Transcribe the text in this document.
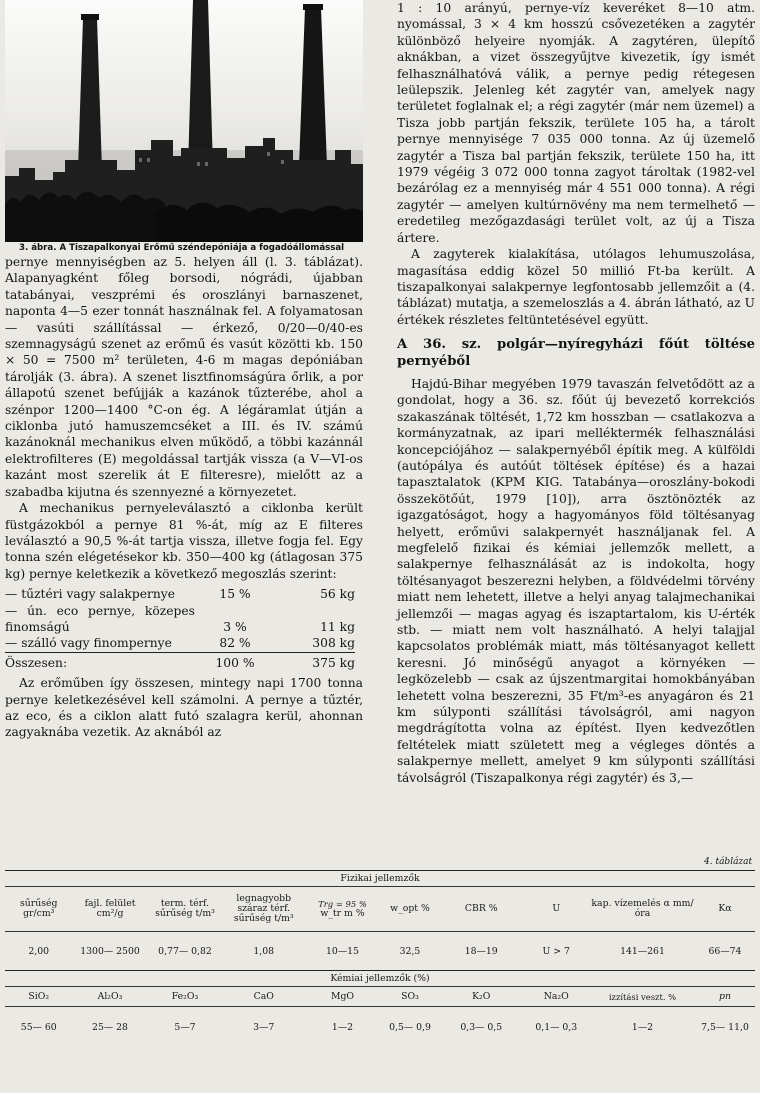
3. ábra. A Tiszapalkonyai Erőmű széndepóniája a fogadóállomással

pernye mennyiségben az 5. helyen áll (l. 3. táblázat). Alapanyagként főleg borsodi, nógrádi, újabban tatabányai, veszprémi és oroszlányi barnaszenet, naponta 4—5 ezer tonnát használnak fel. A folyamatosan — vasúti szállítással — érkező, 0/20—0/40-es szemnagyságú szenet az erőmű és vasút közötti kb. 150 × 50 = 7500 m² területen, 4-6 m magas depóniában tárolják (3. ábra). A szenet lisztfinomságúra őrlik, a por állapotú szenet befújják a kazánok tűzterébe, ahol a szénpor 1200—1400 °C-on ég. A légáramlat útján a ciklonba jutó hamuszemcséket a III. és IV. számú kazánoknál mechanikus elven működő, a többi kazánnál elektrofilteres (E) megoldással tartják vissza (a V—VI-os kazánt most szerelik át E filteresre), mielőtt az a szabadba kijutna és szennyezné a környezetet.

A mechanikus pernyeleválasztó a ciklonba került füstgázokból a pernye 81 %-át, míg az E filteres leválasztó a 90,5 %-át tartja vissza, illetve fogja fel. Egy tonna szén elégetésekor kb. 350—400 kg (átlagosan 375 kg) pernye keletkezik a következő megoszlás szerint:

— tűztéri vagy salakpernye	15 %	56 kg
— ún. eco pernye, közepes finomságú	3 %	11 kg
— szálló vagy finompernye	82 %	308 kg
Összesen:	100 %	375 kg

Az erőműben így összesen, mintegy napi 1700 tonna pernye keletkezésével kell számolni. A pernye a tűztér, az eco, és a ciklon alatt futó szalagra kerül, ahonnan zagyaknába vezetik. Az aknából az

1 : 10 arányú, pernye-víz keveréket 8—10 atm. nyomással, 3 × 4 km hosszú csővezetéken a zagytér különböző helyeire nyomják. A zagytéren, ülepítő aknákban, a vizet összegyűjtve kivezetik, így ismét felhasználhatóvá válik, a pernye pedig rétegesen leülepszik. Jelenleg két zagytér van, amelyek nagy területet foglalnak el; a régi zagytér (már nem üzemel) a Tisza jobb partján fekszik, területe 105 ha, a tárolt pernye mennyisége 7 035 000 tonna. Az új üzemelő zagytér a Tisza bal partján fekszik, területe 150 ha, itt 1979 végéig 3 072 000 tonna zagyot tároltak (1982-vel bezárólag ez a mennyiség már 4 551 000 tonna). A régi zagytér — amelyen kultúrnövény ma nem termelhető — eredetileg mezőgazdasági terület volt, az új a Tisza ártere.

A zagyterek kialakítása, utólagos lehumuszolása, magasítása eddig közel 50 millió Ft-ba került. A tiszapalkonyai salakpernye legfontosabb jellemzőit a (4. táblázat) mutatja, a szemeloszlás a 4. ábrán látható, az U értékek részletes feltüntetésével együtt.

A 36. sz. polgár—nyíregyházi főút töltése pernyéből

Hajdú-Bihar megyében 1979 tavaszán felvetődött az a gondolat, hogy a 36. sz. főút új bevezető korrekciós szakaszának töltését, 1,72 km hosszban — csatlakozva a kormányzatnak, az ipari melléktermék felhasználási koncepciójához — salakpernyéből építik meg. A külföldi (autópálya és autóút töltések építése) és a hazai tapasztalatok (KPM KIG. Tatabánya—oroszlány-bokodi összekötőút, 1979 [10]), arra ösztönözték az igazgatóságot, hogy a hagyományos föld töltésanyag helyett, erőművi salakpernyét használjanak fel. A megfelelő fizikai és kémiai jellemzők mellett, a salakpernye felhasználását az is indokolta, hogy töltésanyagot beszerezni helyben, a földvédelmi törvény miatt nem lehetett, illetve a helyi anyag talajmechanikai jellemzői — magas agyag és iszaptartalom, kis U-érték stb. — miatt nem volt használható. A helyi talajjal kapcsolatos problémák miatt, más töltésanyagot kellett keresni. Jó minőségű anyagot a környéken — legközelebb — csak az újszentmargitai homokbányában lehetett volna beszerezni, 35 Ft/m³-es anyagáron és 21 km súlyponti szállítási távolságról, ami nagyon megdrágította volna az építést. Ilyen kedvezőtlen feltételek miatt született meg a végleges döntés a salakpernye mellett, amelyet 9 km súlyponti szállítási távolságról (Tiszapalkonya régi zagytér) és 3,—

4. táblázat
Fizikai jellemzők									
sűrűség gr/cm³	fajl. felület cm²/g	term. térf. sűrűség t/m³	legnagyobb száraz térf. sűrűség t/m³	Trg = 95 %
w_tr m %	w_opt %	CBR %	U	kap. vízemelés α mm/óra	Kα
2,00	1300— 2500	0,77— 0,82	1,08	10—15	32,5	18—19	U > 7	141—261	66—74
Kémiai jellemzők (%)									
SiO₂	Al₂O₃	Fe₂O₃	CaO	MgO	SO₃	K₂O	Na₂O	izzítási veszt. %	pn
55— 60	25— 28	5—7	3—7	1—2	0,5— 0,9	0,3— 0,5	0,1— 0,3	1—2	7,5— 11,0
